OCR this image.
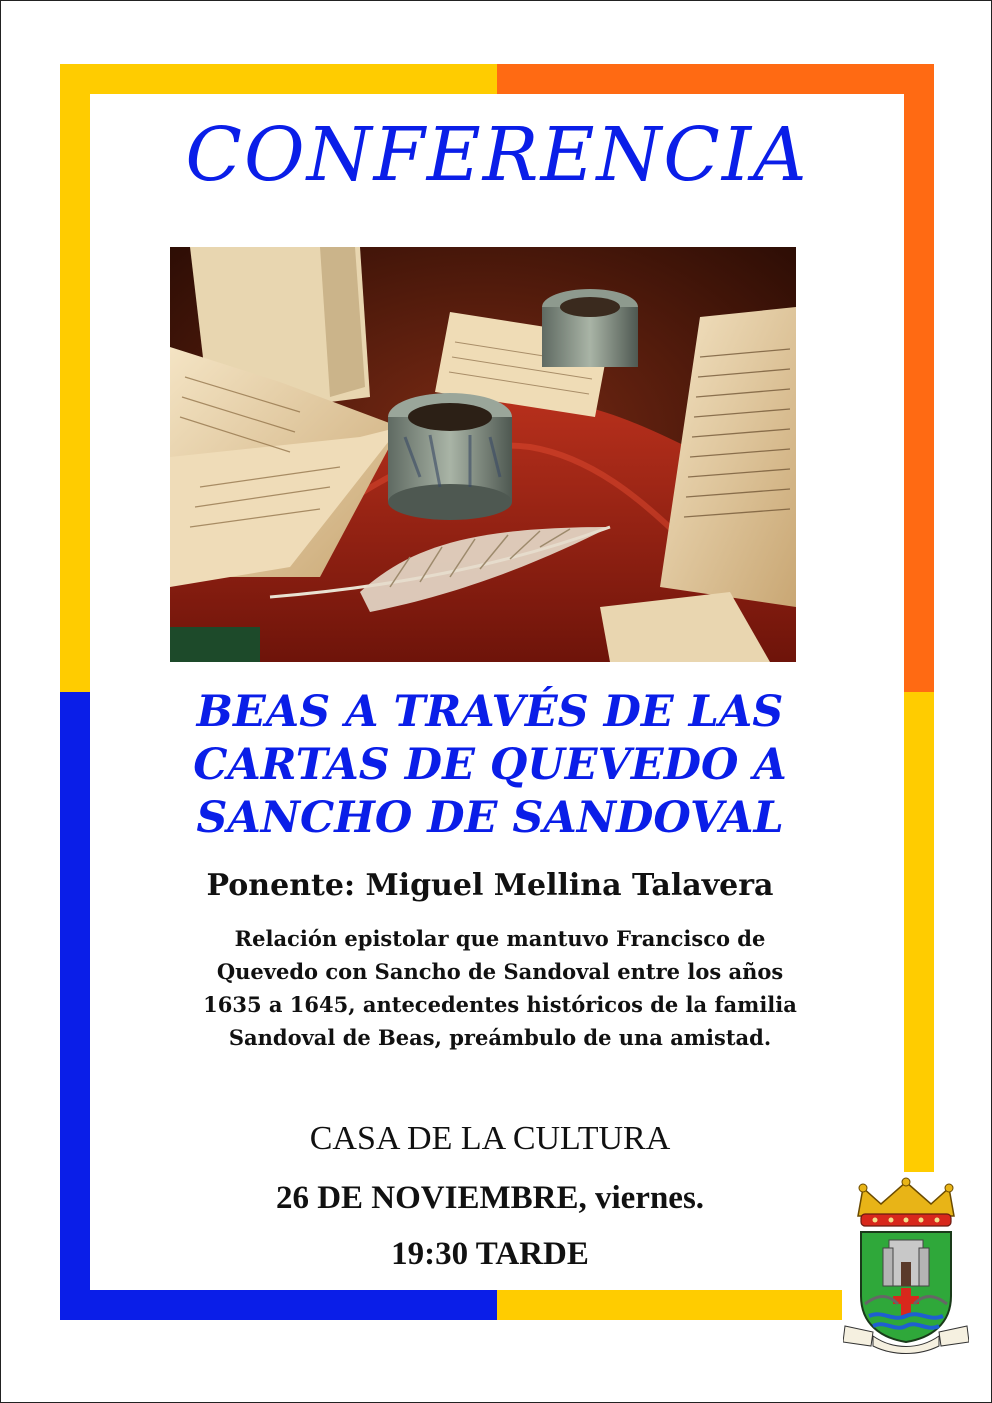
CONFERENCIA
BEAS A TRAVÉS DE LAS
CARTAS DE QUEVEDO A
SANCHO DE SANDOVAL
Ponente: Miguel Mellina Talavera
Relación epistolar que mantuvo Francisco de
Quevedo con Sancho de Sandoval entre los años
1635 a 1645, antecedentes históricos de la familia
Sandoval de Beas, preámbulo de una amistad.
CASA DE LA CULTURA
26 DE NOVIEMBRE, viernes.
19:30 TARDE
